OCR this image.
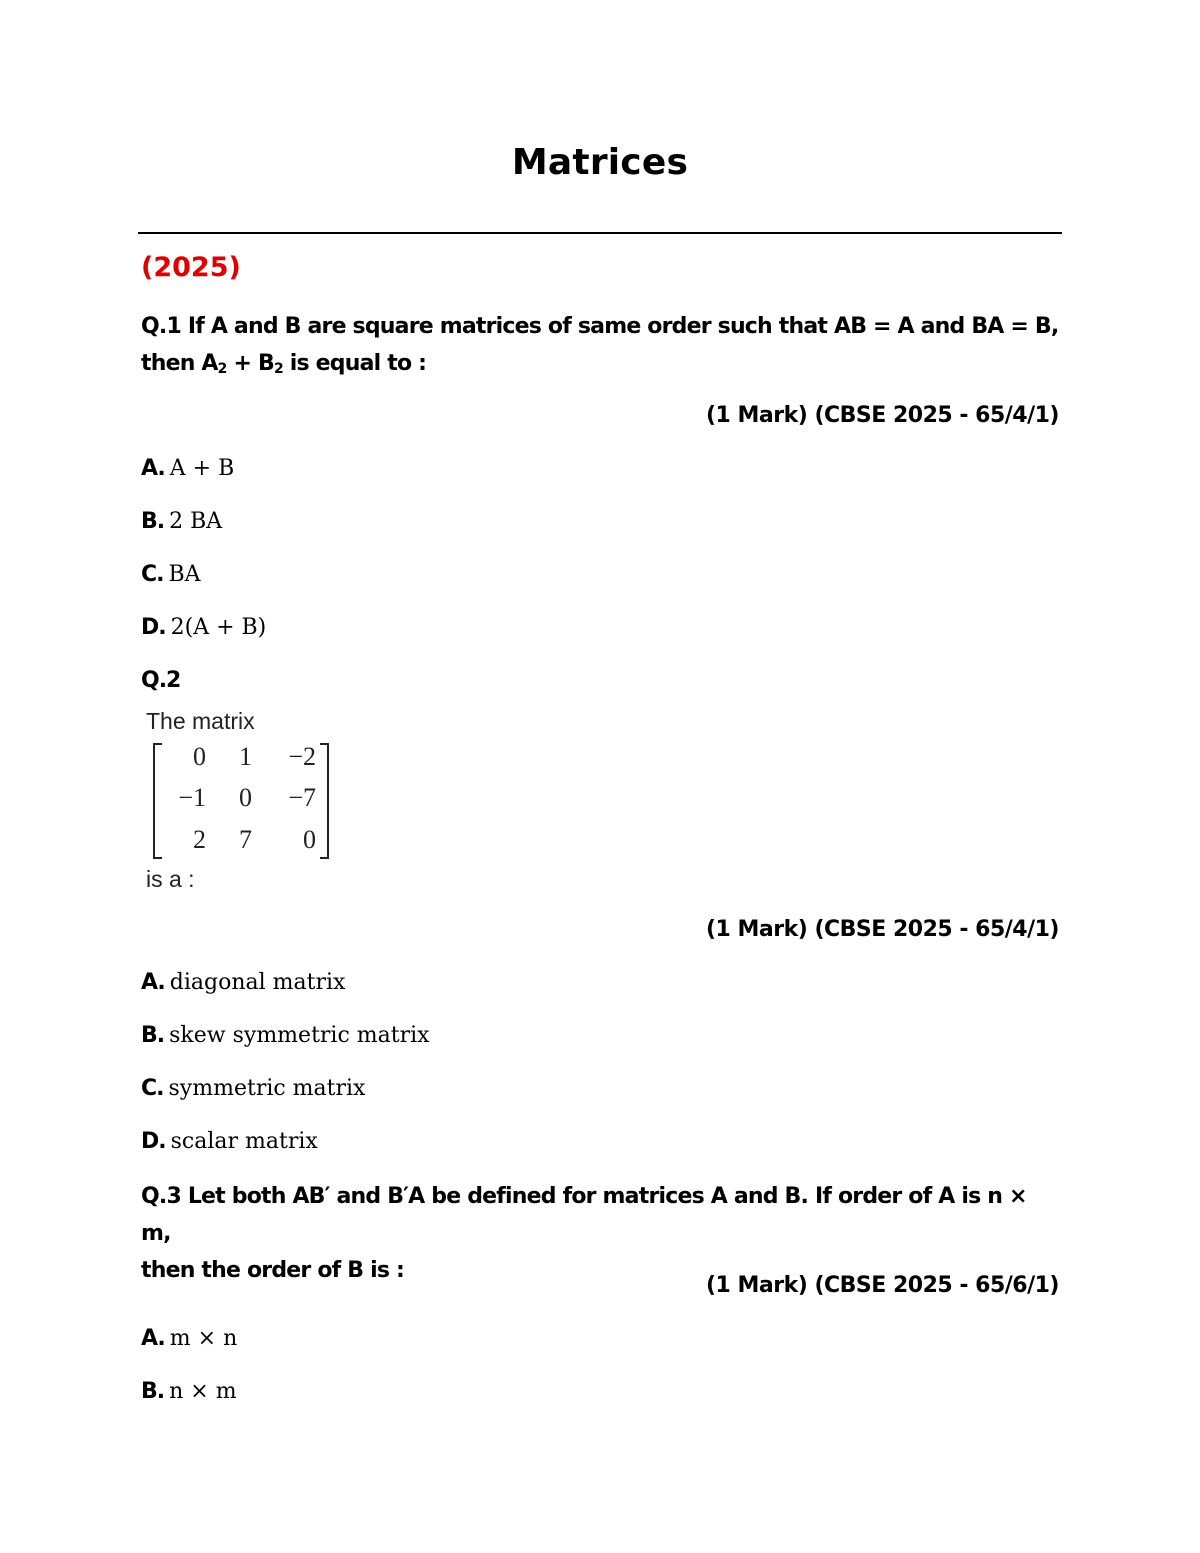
Matrices
(2025)
Q.1 If A and B are square matrices of same order such that AB = A and BA = B,
then $A_2 + B_2$ is equal to :
(1 Mark) (CBSE 2025 - 65/4/1)
A. A + B
B. 2 BA
C. BA
D. 2(A + B)
Q.2
The matrix
0	1	−2
−1	0	−7
2	7	0
is a :
(1 Mark) (CBSE 2025 - 65/4/1)
A. diagonal matrix
B. skew symmetric matrix
C. symmetric matrix
D. scalar matrix
Q.3 Let both AB′ and B′A be defined for matrices A and B. If order of A is n × m,
then the order of B is :
(1 Mark) (CBSE 2025 - 65/6/1)
A. m × n
B. n × m
